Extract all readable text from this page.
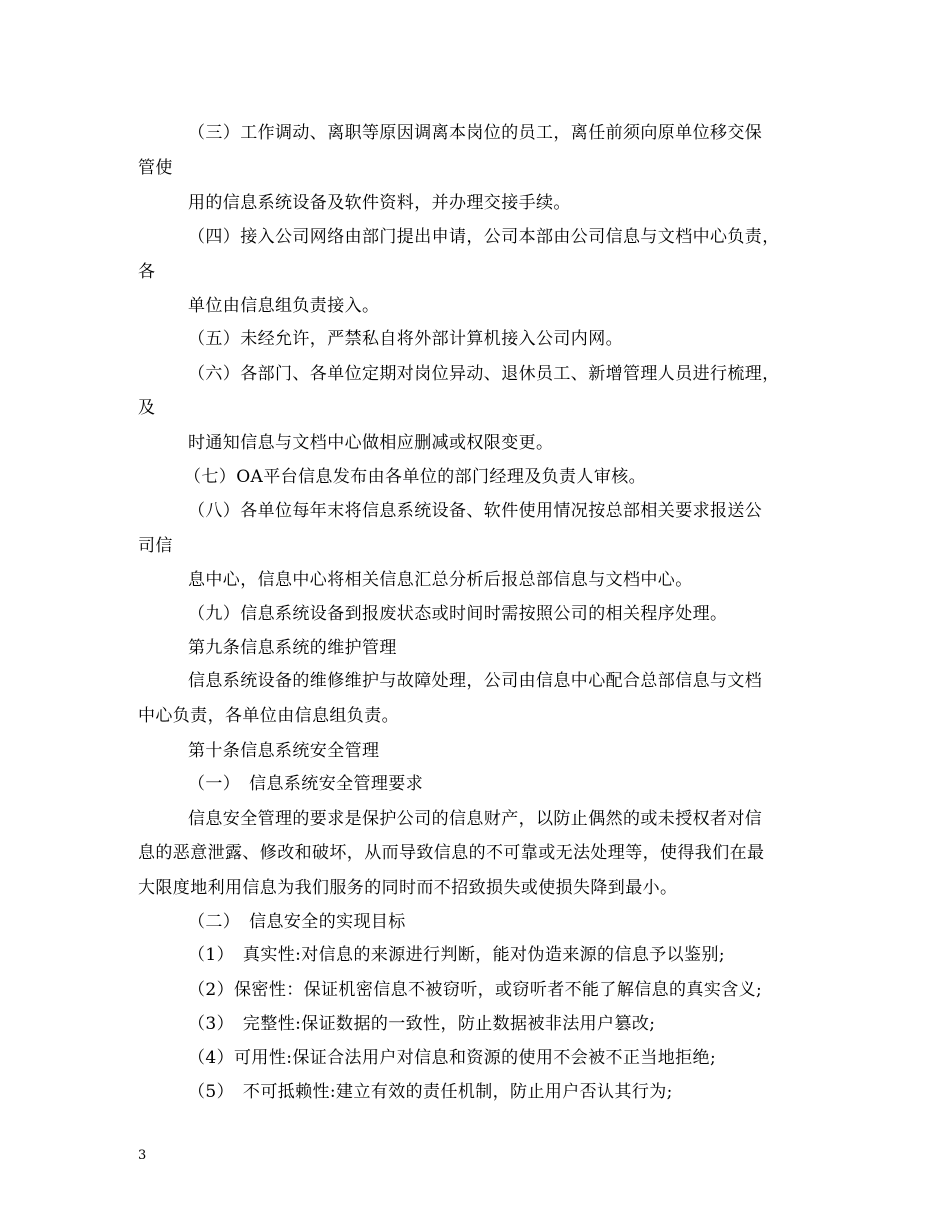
（三）工作调动、离职等原因调离本岗位的员工，离任前须向原单位移交保
管使
用的信息系统设备及软件资料，并办理交接手续。
（四）接入公司网络由部门提出申请，公司本部由公司信息与文档中心负责，
各
单位由信息组负责接入。
（五）未经允许，严禁私自将外部计算机接入公司内网。
（六）各部门、各单位定期对岗位异动、退休员工、新增管理人员进行梳理，
及
时通知信息与文档中心做相应删减或权限变更。
（七）OA平台信息发布由各单位的部门经理及负责人审核。
（八）各单位每年末将信息系统设备、软件使用情况按总部相关要求报送公
司信
息中心，信息中心将相关信息汇总分析后报总部信息与文档中心。
（九）信息系统设备到报废状态或时间时需按照公司的相关程序处理。
第九条信息系统的维护管理
信息系统设备的维修维护与故障处理，公司由信息中心配合总部信息与文档
中心负责，各单位由信息组负责。
第十条信息系统安全管理
（一）　信息系统安全管理要求
信息安全管理的要求是保护公司的信息财产，以防止偶然的或未授权者对信
息的恶意泄露、修改和破坏，从而导致信息的不可靠或无法处理等，使得我们在最
大限度地利用信息为我们服务的同时而不招致损失或使损失降到最小。
（二）　信息安全的实现目标
（1）　真实性:对信息的来源进行判断，能对伪造来源的信息予以鉴别;
（2）保密性：保证机密信息不被窃听，或窃听者不能了解信息的真实含义;
（3）　完整性:保证数据的一致性，防止数据被非法用户篡改;
（4）可用性:保证合法用户对信息和资源的使用不会被不正当地拒绝;
（5）　不可抵赖性:建立有效的责任机制，防止用户否认其行为;
3
